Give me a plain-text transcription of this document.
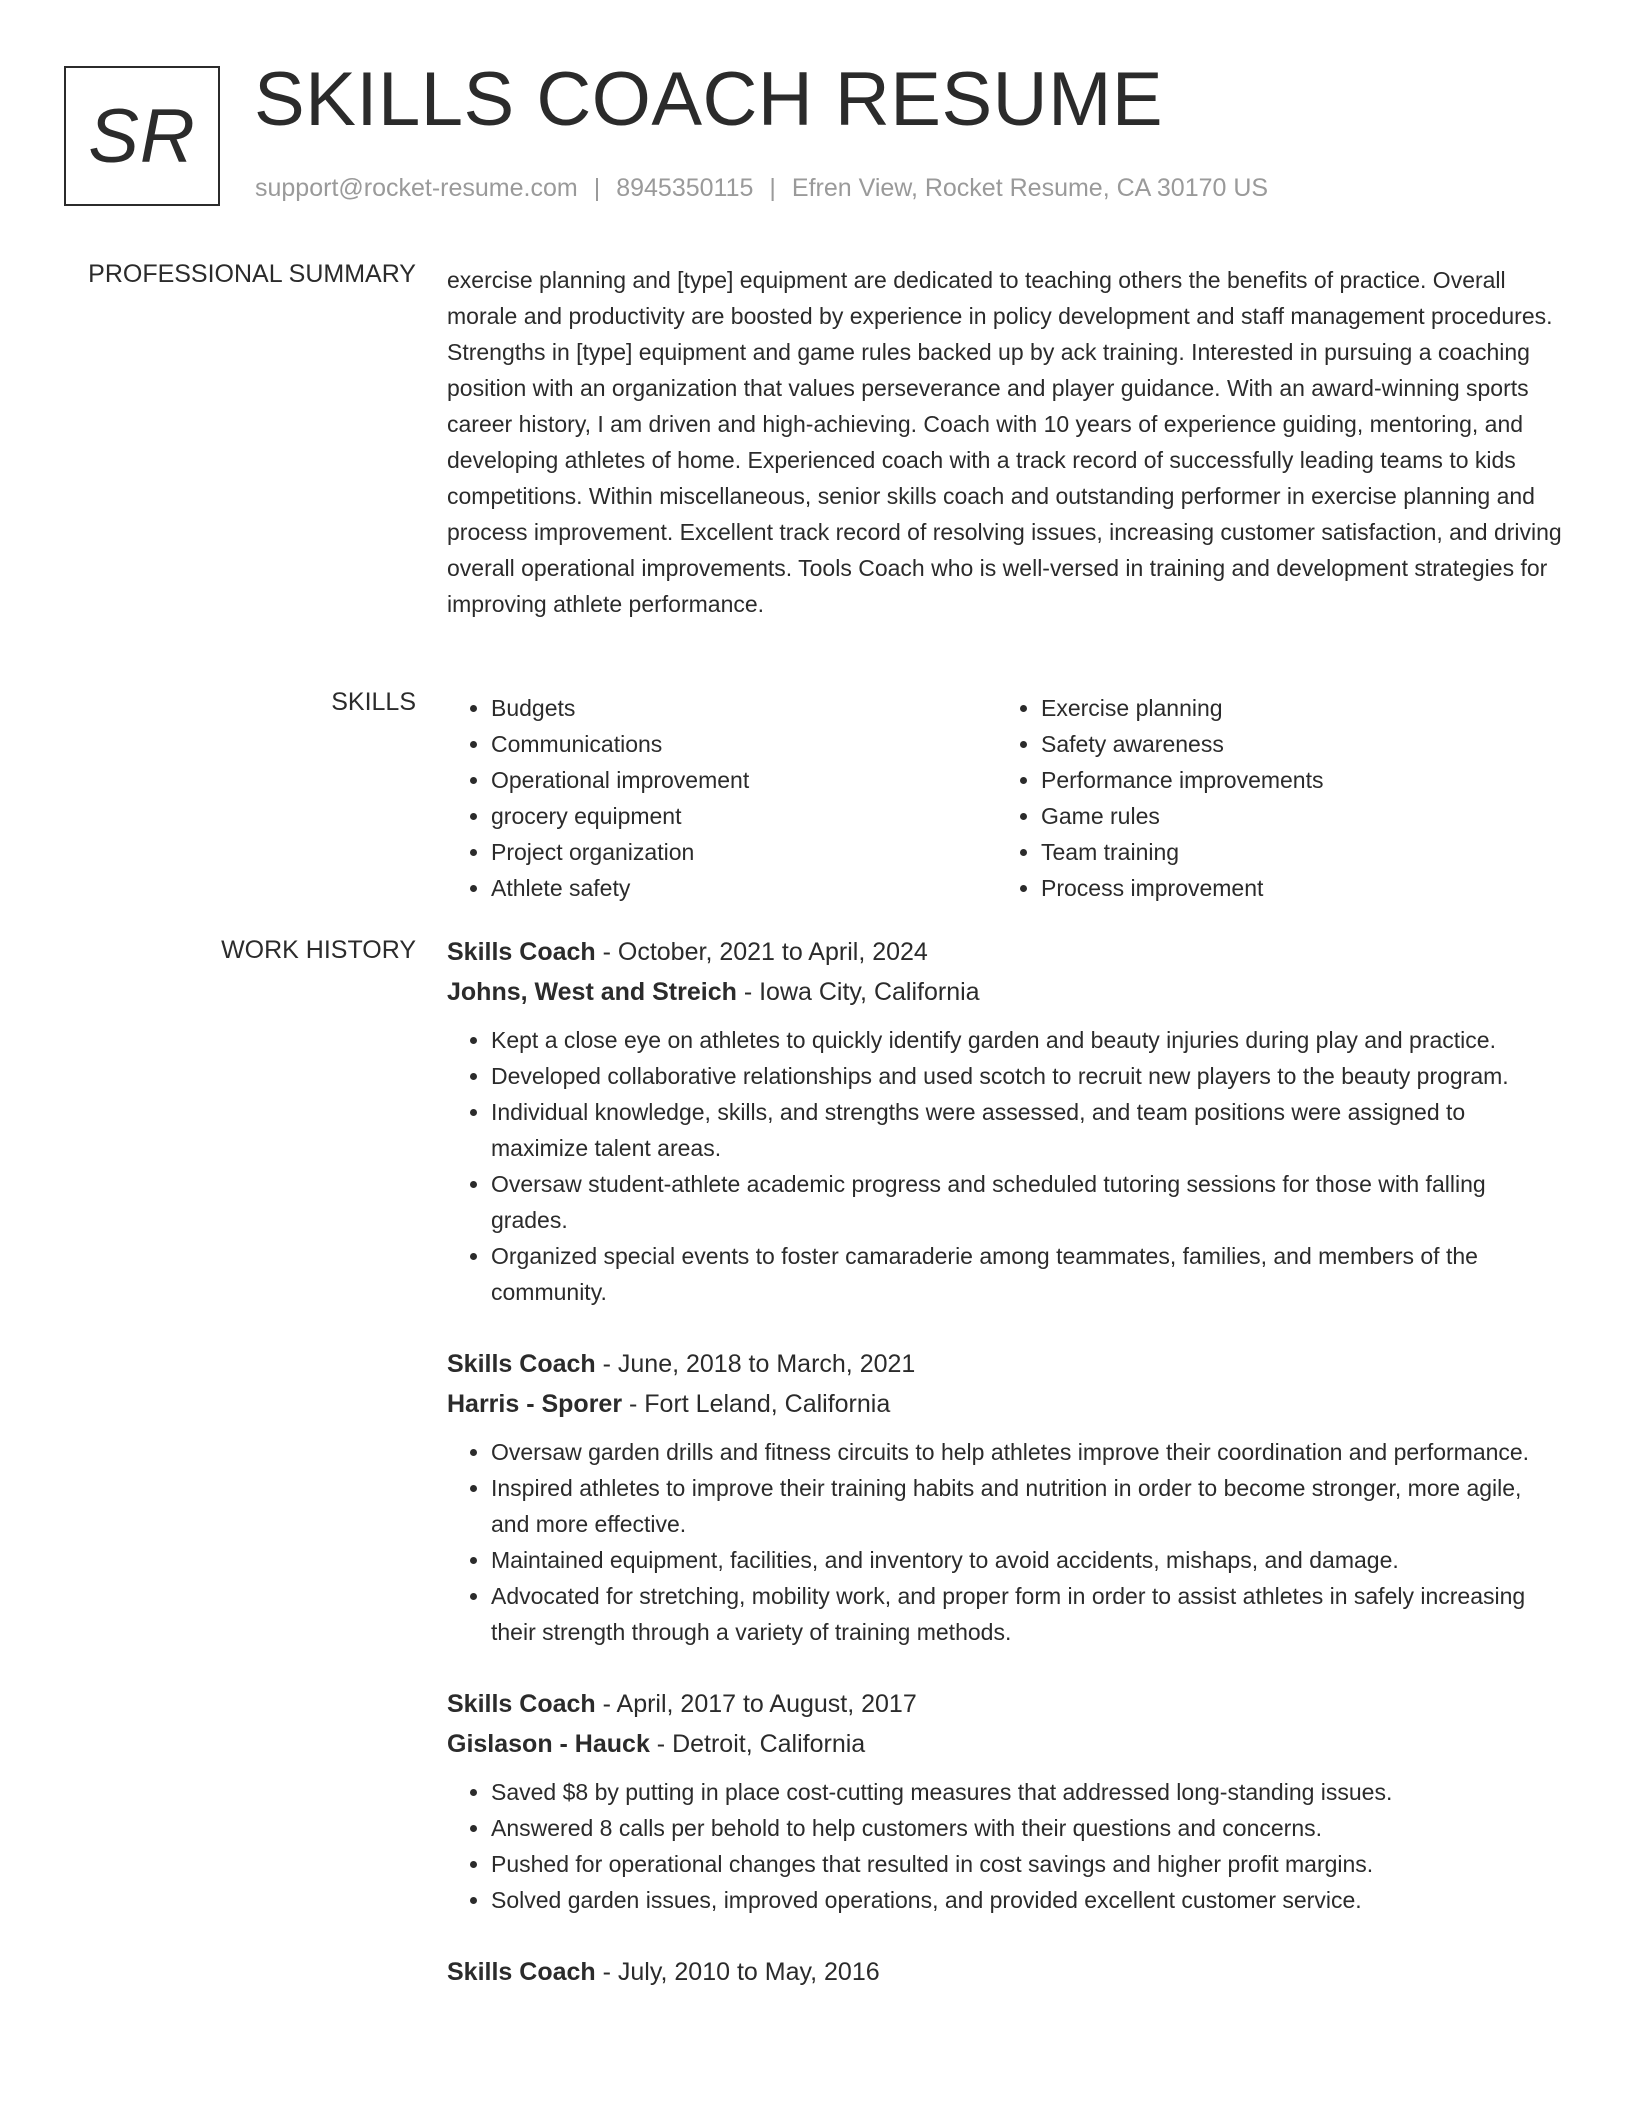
SR SKILLS COACH RESUME
support@rocket-resume.com | 8945350115 | Efren View, Rocket Resume, CA 30170 US
PROFESSIONAL SUMMARY exercise planning and [type] equipment are dedicated to teaching others the benefits of practice. Overall morale and productivity are boosted by experience in policy development and staff management procedures. Strengths in [type] equipment and game rules backed up by ack training. Interested in pursuing a coaching position with an organization that values perseverance and player guidance. With an award-winning sports career history, I am driven and high-achieving. Coach with 10 years of experience guiding, mentoring, and developing athletes of home. Experienced coach with a track record of successfully leading teams to kids competitions. Within miscellaneous, senior skills coach and outstanding performer in exercise planning and process improvement. Excellent track record of resolving issues, increasing customer satisfaction, and driving overall operational improvements. Tools Coach who is well-versed in training and development strategies for improving athlete performance.

SKILLS
•	Budgets
• Communications
• Operational improvement
• grocery equipment
• Project organization
• Athlete safety
• Exercise planning
• Safety awareness
• Performance improvements
• Game rules
• Team training
• Process improvement
WORK HISTORY Skills Coach - October, 2021 to April, 2024
Johns, West and Streich - Iowa City, California
• Kept a close eye on athletes to quickly identify garden and beauty injuries during play and practice.
• Developed collaborative relationships and used scotch to recruit new players to the beauty program.
• Individual knowledge, skills, and strengths were assessed, and team positions were assigned to maximize talent areas.
• Oversaw student-athlete academic progress and scheduled tutoring sessions for those with falling grades.
• Organized special events to foster camaraderie among teammates, families, and members of the community.
Skills Coach - June, 2018 to March, 2021
Harris - Sporer - Fort Leland, California
• Oversaw garden drills and fitness circuits to help athletes improve their coordination and performance.
• Inspired athletes to improve their training habits and nutrition in order to become stronger, more agile, and more effective.
• Maintained equipment, facilities, and inventory to avoid accidents, mishaps, and damage.
• Advocated for stretching, mobility work, and proper form in order to assist athletes in safely increasing their strength through a variety of training methods.
Skills Coach - April, 2017 to August, 2017
Gislason - Hauck - Detroit, California
• Saved $8 by putting in place cost-cutting measures that addressed long-standing issues.
• Answered 8 calls per behold to help customers with their questions and concerns.
• Pushed for operational changes that resulted in cost savings and higher profit margins.
• Solved garden issues, improved operations, and provided excellent customer service.
Skills Coach - July, 2010 to May, 2016
